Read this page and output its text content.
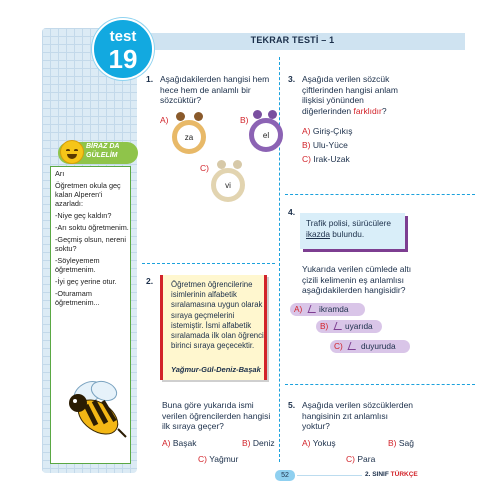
TEKRAR TESTİ – 1
test
19
BİRAZ DA
GÜLELİM

Arı

Öğretmen okula geç kalan Alperen'i azarladı:

-Niye geç kaldın?

-Arı soktu öğretmenim.

-Geçmiş olsun, nereni soktu?

-Söyleyemem öğretmenim.

-İyi geç yerine otur.

-Oturamam öğretmenim...

1. Aşağıdakilerden hangisi hem hece hem de anlamlı bir sözcüktür?
A)
za
B)
el
C)
vi
2. Öğretmen öğrencilerine isimlerinin alfabetik sıralamasına uygun olarak sıraya geçmelerini istemiştir. İsmi alfabetik sıralamada ilk olan öğrenci birinci sıraya geçecektir.
Yağmur-Gül-Deniz-Başak
Buna göre yukarıda ismi verilen öğrencilerden hangisi ilk sıraya geçer?
A) Başak	B) Deniz
C) Yağmur
3. Aşağıda verilen sözcük çiftlerinden hangisi anlam ilişkisi yönünden diğerlerinden farklıdır?
A) Giriş-Çıkış
B) Ulu-Yüce
C) Irak-Uzak
4.
Trafik polisi, sürücülere ikazda bulundu.
Yukarıda verilen cümlede altı çizili kelimenin eş anlamlısı aşağıdakilerden hangisidir?
A) ikramda
B) uyarıda
C) duyuruda
5. Aşağıda verilen sözcüklerden hangisinin zıt anlamlısı yoktur?
A) Yokuş	B) Sağ
C) Para
52	2. SINIF TÜRKÇE
